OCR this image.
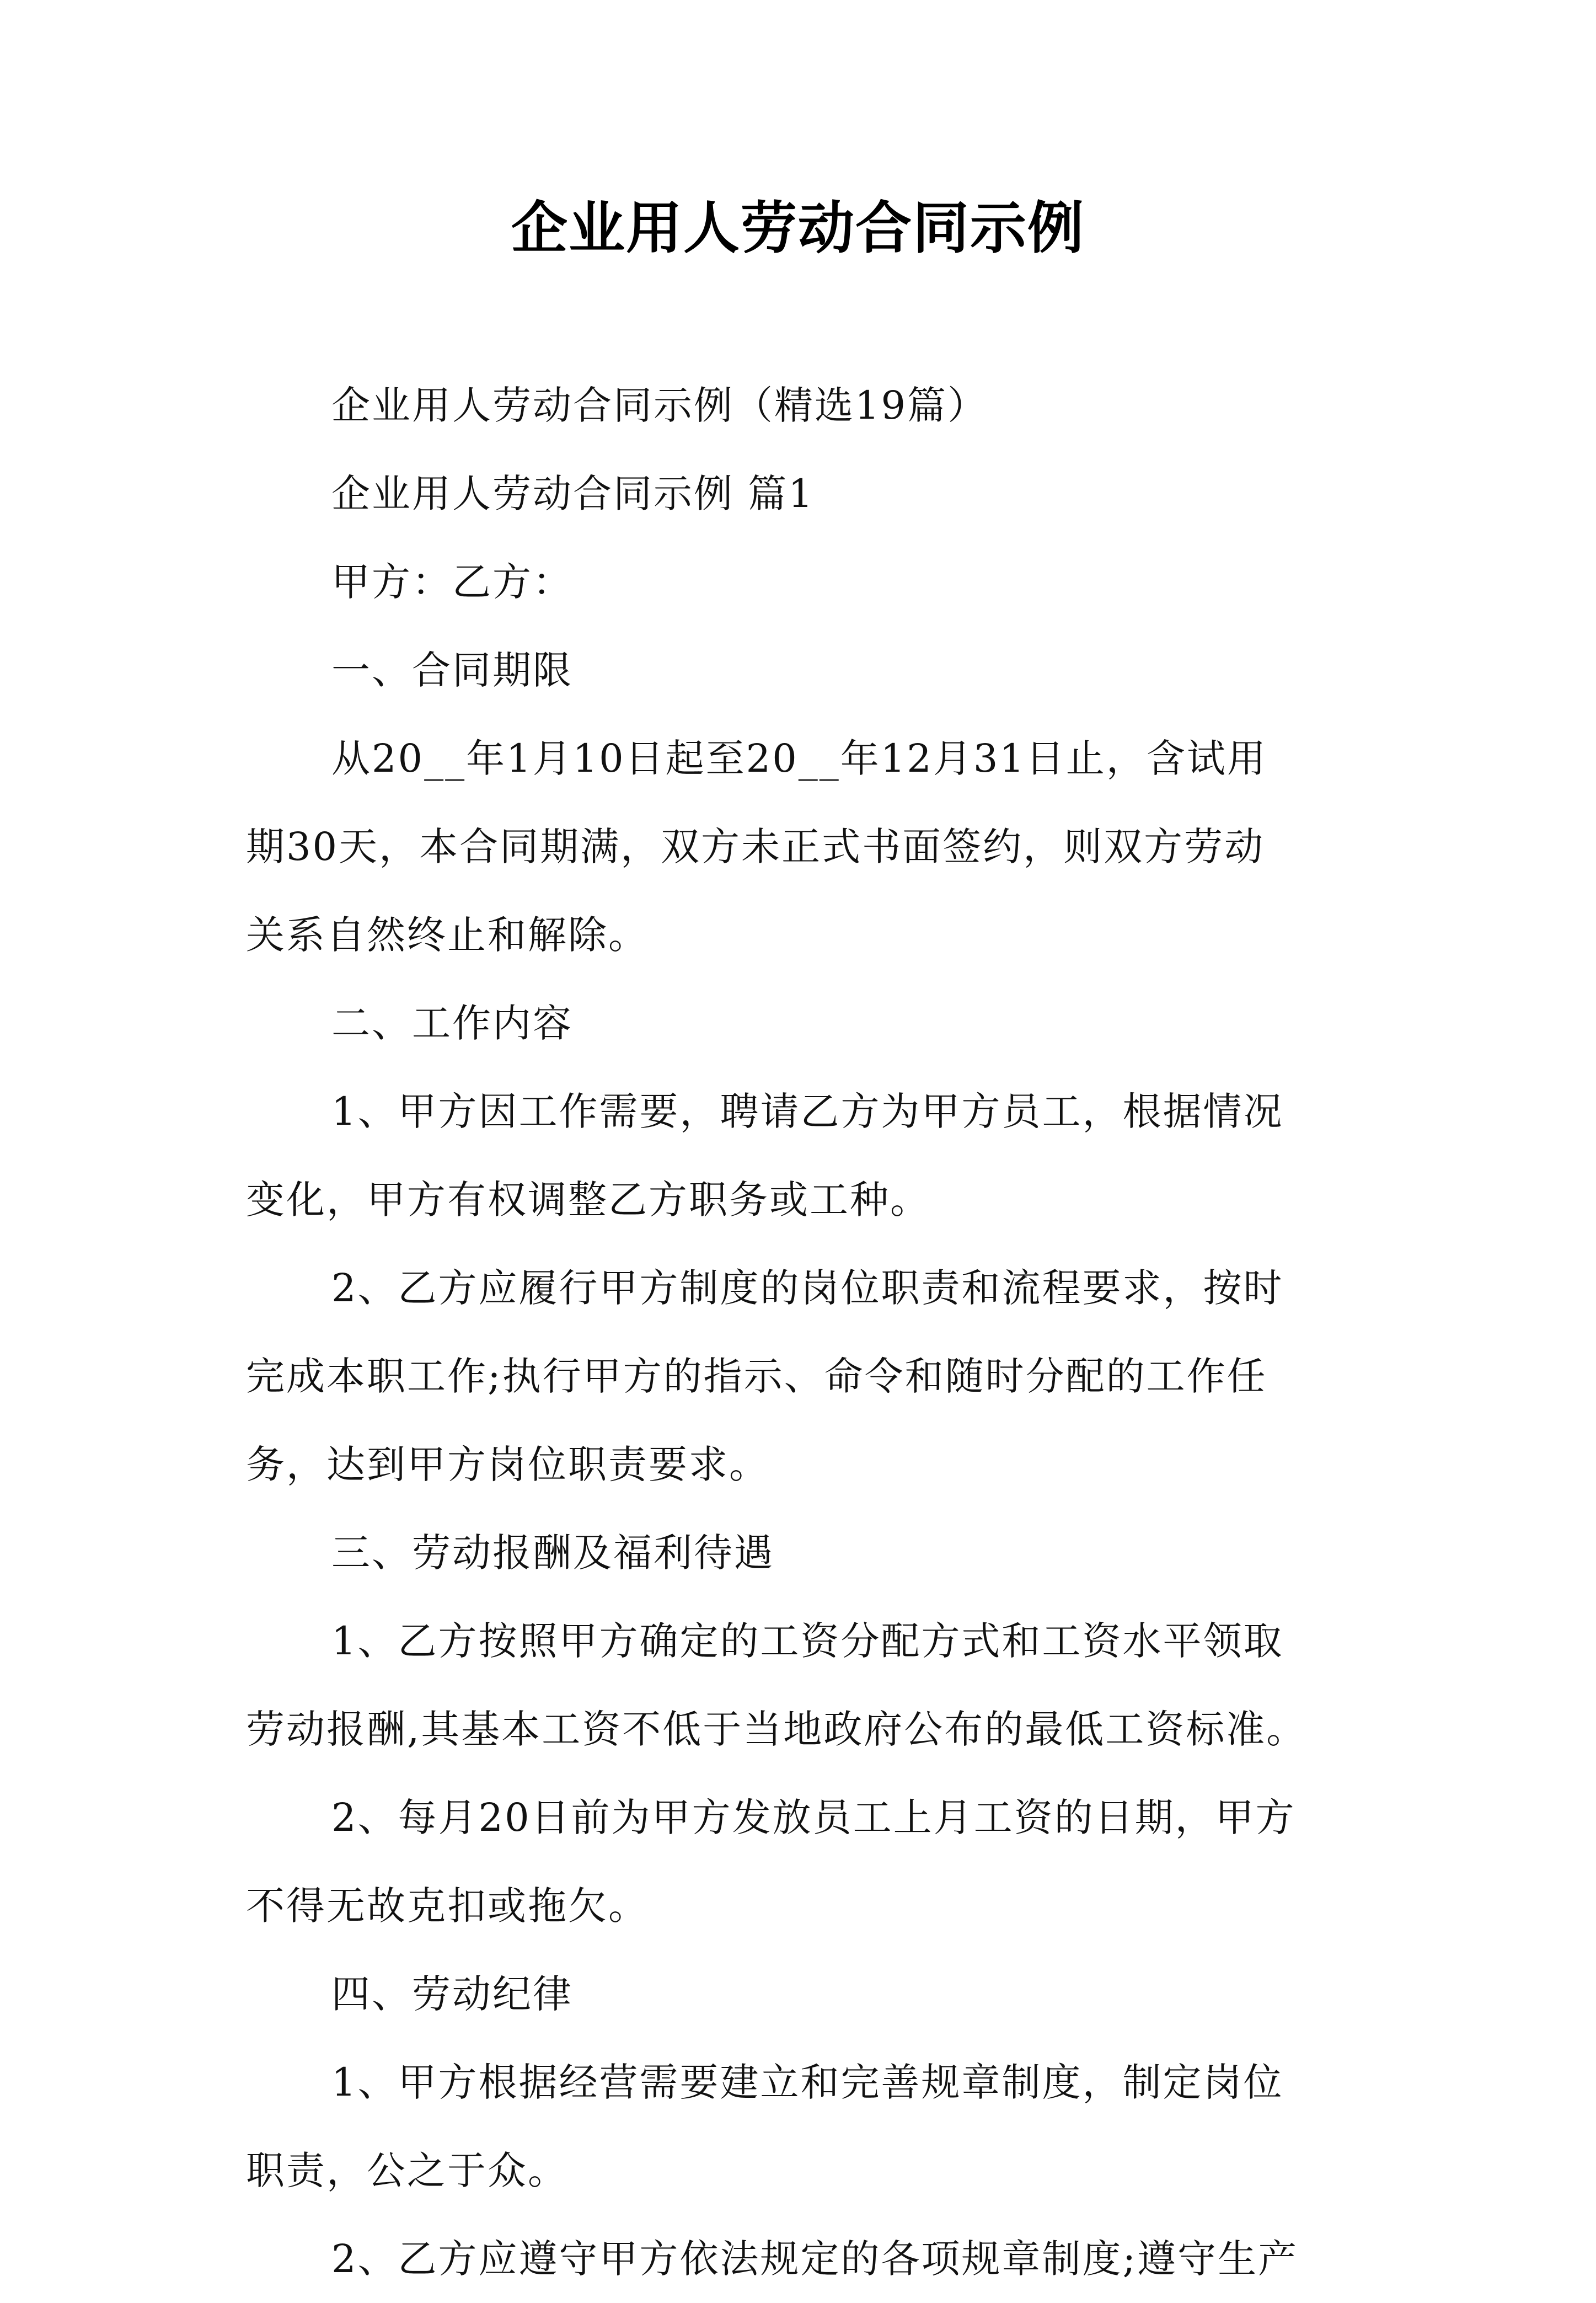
企业用人劳动合同示例

企业用人劳动合同示例（精选19篇）

企业用人劳动合同示例 篇1

甲方：乙方：

一、合同期限

从20__年1月10日起至20__年12月31日止，含试用

期30天，本合同期满，双方未正式书面签约，则双方劳动

关系自然终止和解除。

二、工作内容

1、甲方因工作需要，聘请乙方为甲方员工，根据情况

变化，甲方有权调整乙方职务或工种。

2、乙方应履行甲方制度的岗位职责和流程要求，按时

完成本职工作;执行甲方的指示、命令和随时分配的工作任

务，达到甲方岗位职责要求。

三、劳动报酬及福利待遇

1、乙方按照甲方确定的工资分配方式和工资水平领取

劳动报酬,其基本工资不低于当地政府公布的最低工资标准。

2、每月20日前为甲方发放员工上月工资的日期，甲方

不得无故克扣或拖欠。

四、劳动纪律

1、甲方根据经营需要建立和完善规章制度，制定岗位

职责，公之于众。

2、乙方应遵守甲方依法规定的各项规章制度;遵守生产
